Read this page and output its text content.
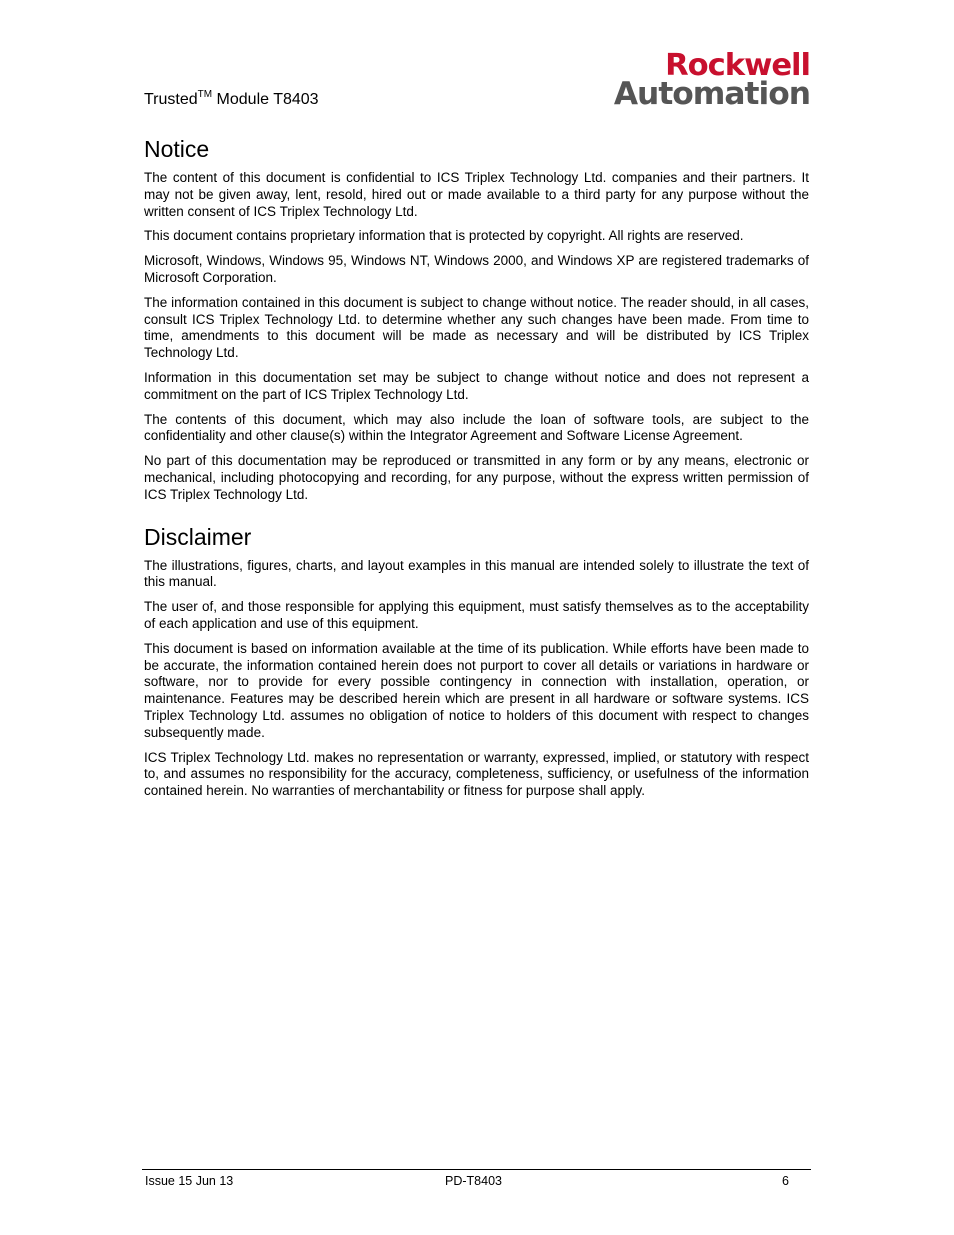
Trusted™ Module T8403
Rockwell
Automation
Notice

The content of this document is confidential to ICS Triplex Technology Ltd. companies and their partners. It may not be given away, lent, resold, hired out or made available to a third party for any purpose without the written consent of ICS Triplex Technology Ltd.

This document contains proprietary information that is protected by copyright. All rights are reserved.

Microsoft, Windows, Windows 95, Windows NT, Windows 2000, and Windows XP are registered trademarks of Microsoft Corporation.

The information contained in this document is subject to change without notice. The reader should, in all cases, consult ICS Triplex Technology Ltd. to determine whether any such changes have been made. From time to time, amendments to this document will be made as necessary and will be distributed by ICS Triplex Technology Ltd.

Information in this documentation set may be subject to change without notice and does not represent a commitment on the part of ICS Triplex Technology Ltd.

The contents of this document, which may also include the loan of software tools, are subject to the confidentiality and other clause(s) within the Integrator Agreement and Software License Agreement.

No part of this documentation may be reproduced or transmitted in any form or by any means, electronic or mechanical, including photocopying and recording, for any purpose, without the express written permission of ICS Triplex Technology Ltd.

Disclaimer

The illustrations, figures, charts, and layout examples in this manual are intended solely to illustrate the text of this manual.

The user of, and those responsible for applying this equipment, must satisfy themselves as to the acceptability of each application and use of this equipment.

This document is based on information available at the time of its publication. While efforts have been made to be accurate, the information contained herein does not purport to cover all details or variations in hardware or software, nor to provide for every possible contingency in connection with installation, operation, or maintenance. Features may be described herein which are present in all hardware or software systems. ICS Triplex Technology Ltd. assumes no obligation of notice to holders of this document with respect to changes subsequently made.

ICS Triplex Technology Ltd. makes no representation or warranty, expressed, implied, or statutory with respect to, and assumes no responsibility for the accuracy, completeness, sufficiency, or usefulness of the information contained herein. No warranties of merchantability or fitness for purpose shall apply.

Issue 15 Jun 13	PD-T8403	6
